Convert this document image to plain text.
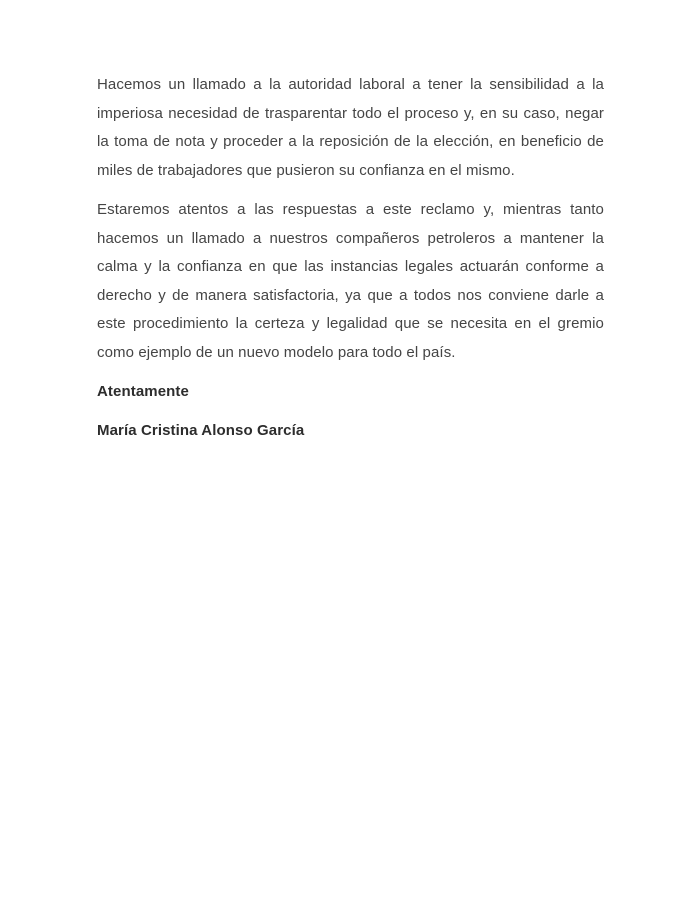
Hacemos un llamado a la autoridad laboral a tener la sensibilidad a la imperiosa necesidad de trasparentar todo el proceso y, en su caso, negar la toma de nota y proceder a la reposición de la elección, en beneficio de miles de trabajadores que pusieron su confianza en el mismo.

Estaremos atentos a las respuestas a este reclamo y, mientras tanto hacemos un llamado a nuestros compañeros petroleros a mantener la calma y la confianza en que las instancias legales actuarán conforme a derecho y de manera satisfactoria, ya que a todos nos conviene darle a este procedimiento la certeza y legalidad que se necesita en el gremio como ejemplo de un nuevo modelo para todo el país.

Atentamente

María Cristina Alonso García
